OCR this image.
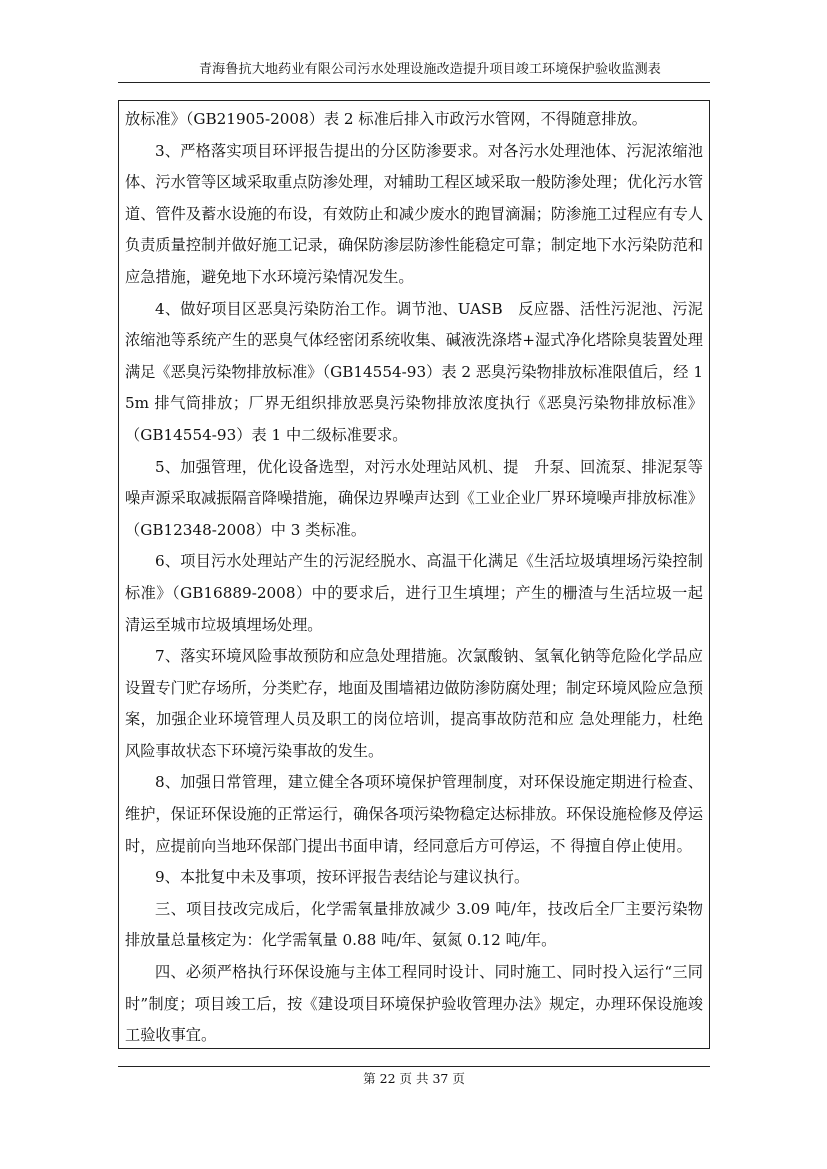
青海鲁抗大地药业有限公司污水处理设施改造提升项目竣工环境保护验收监测表

放标准》（GB21905-2008）表 2 标准后排入市政污水管网，不得随意排放。

3、严格落实项目环评报告提出的分区防渗要求。对各污水处理池体、污泥浓缩池体、污水管等区域采取重点防渗处理，对辅助工程区域采取一般防渗处理；优化污水管道、管件及蓄水设施的布设，有效防止和减少废水的跑冒滴漏；防渗施工过程应有专人负责质量控制并做好施工记录，确保防渗层防渗性能稳定可靠；制定地下水污染防范和应急措施，避免地下水环境污染情况发生。

4、做好项目区恶臭污染防治工作。调节池、UASB　反应器、活性污泥池、污泥浓缩池等系统产生的恶臭气体经密闭系统收集、碱液洗涤塔+湿式净化塔除臭装置处理满足《恶臭污染物排放标准》（GB14554-93）表 2 恶臭污染物排放标准限值后，经 15m 排气筒排放；厂界无组织排放恶臭污染物排放浓度执行《恶臭污染物排放标准》（GB14554-93）表 1 中二级标准要求。

5、加强管理，优化设备选型，对污水处理站风机、提　升泵、回流泵、排泥泵等噪声源采取减振隔音降噪措施，确保边界噪声达到《工业企业厂界环境噪声排放标准》（GB12348-2008）中 3 类标准。

6、项目污水处理站产生的污泥经脱水、高温干化满足《生活垃圾填埋场污染控制标准》（GB16889-2008）中的要求后，进行卫生填埋；产生的栅渣与生活垃圾一起清运至城市垃圾填埋场处理。

7、落实环境风险事故预防和应急处理措施。次氯酸钠、氢氧化钠等危险化学品应设置专门贮存场所，分类贮存，地面及围墙裙边做防渗防腐处理；制定环境风险应急预案，加强企业环境管理人员及职工的岗位培训，提高事故防范和应 急处理能力，杜绝风险事故状态下环境污染事故的发生。

8、加强日常管理，建立健全各项环境保护管理制度，对环保设施定期进行检查、维护，保证环保设施的正常运行，确保各项污染物稳定达标排放。环保设施检修及停运时，应提前向当地环保部门提出书面申请，经同意后方可停运，不 得擅自停止使用。

9、本批复中未及事项，按环评报告表结论与建议执行。

三、项目技改完成后，化学需氧量排放减少 3.09 吨/年，技改后全厂主要污染物排放量总量核定为：化学需氧量 0.88 吨/年、氨氮 0.12 吨/年。

四、必须严格执行环保设施与主体工程同时设计、同时施工、同时投入运行“三同时”制度；项目竣工后，按《建设项目环境保护验收管理办法》规定，办理环保设施竣工验收事宜。

第 22 页 共 37 页
